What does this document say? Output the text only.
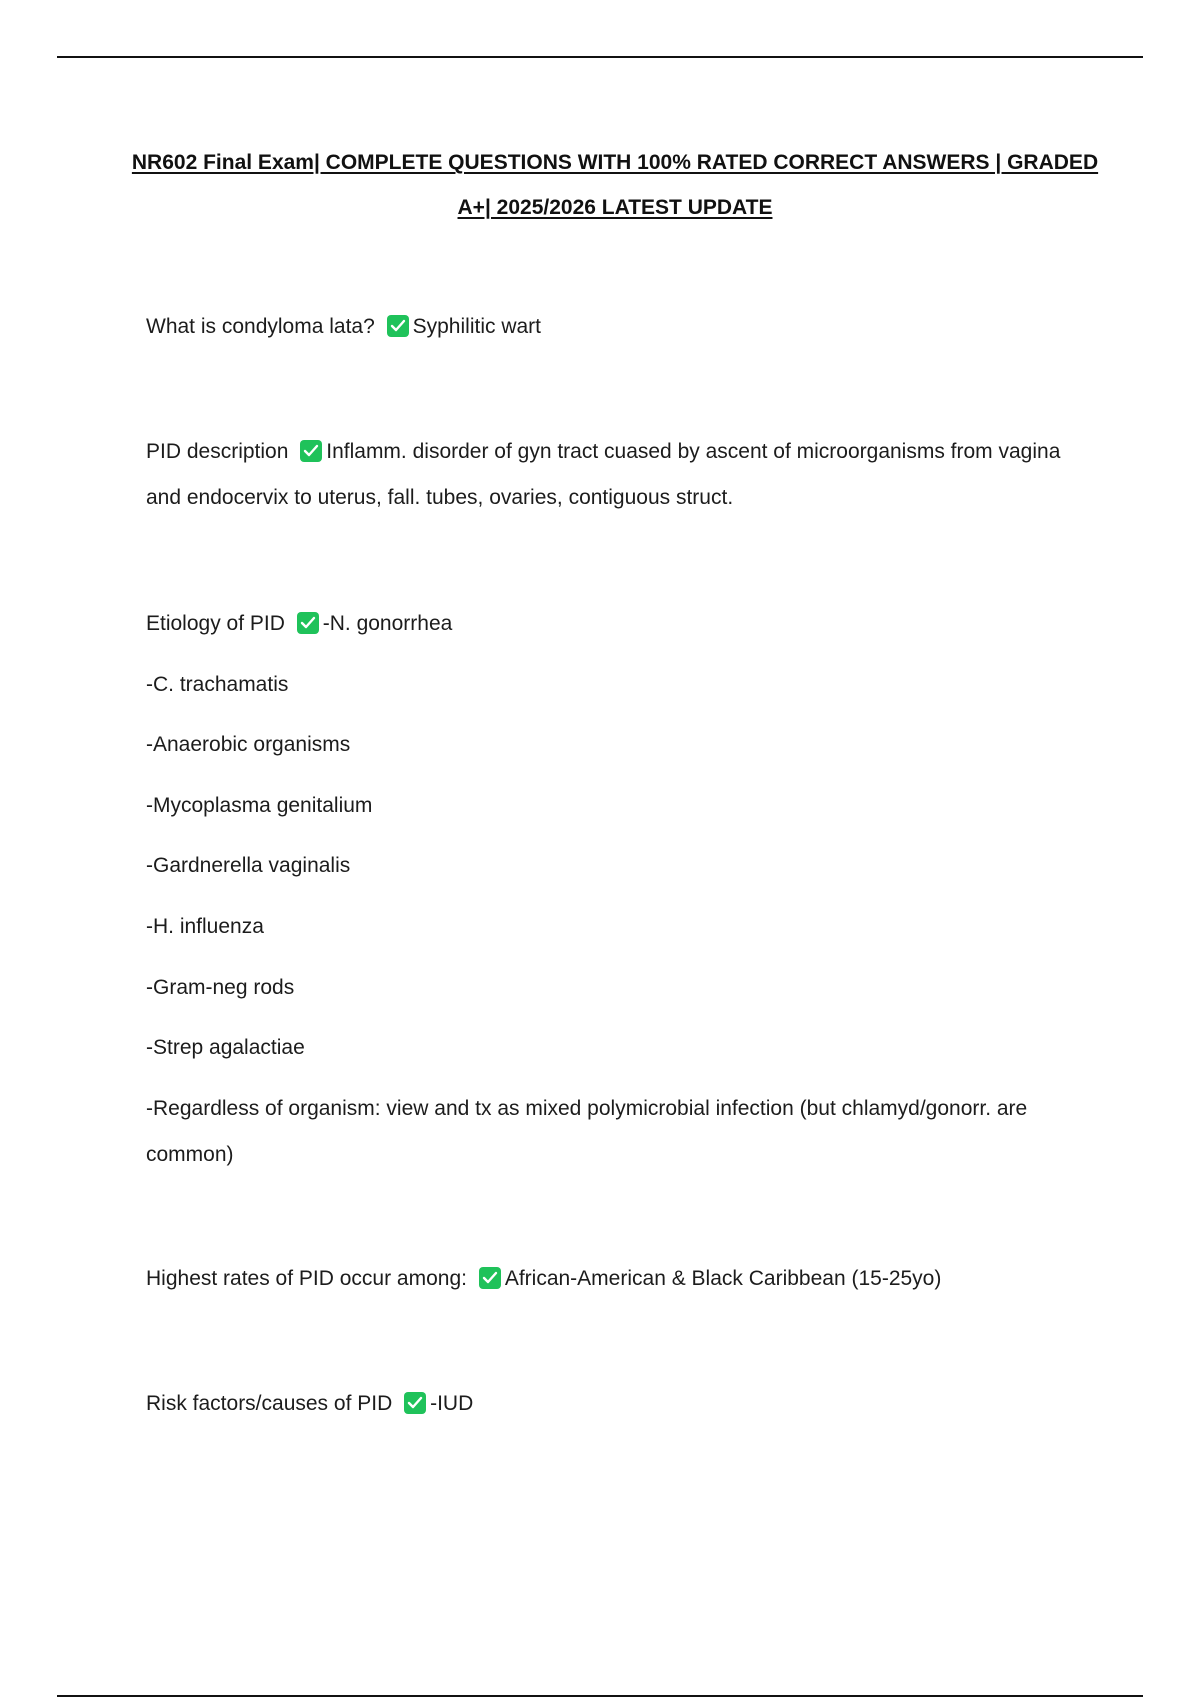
NR602 Final Exam| COMPLETE QUESTIONS WITH 100% RATED CORRECT ANSWERS | GRADED A+| 2025/2026 LATEST UPDATE
What is condyloma lata? Syphilitic wart
PID description Inflamm. disorder of gyn tract cuased by ascent of microorganisms from vagina and endocervix to uterus, fall. tubes, ovaries, contiguous struct.
Etiology of PID -N. gonorrhea
-C. trachamatis
-Anaerobic organisms
-Mycoplasma genitalium
-Gardnerella vaginalis
-H. influenza
-Gram-neg rods
-Strep agalactiae
-Regardless of organism: view and tx as mixed polymicrobial infection (but chlamyd/gonorr. are common)
Highest rates of PID occur among: African-American & Black Caribbean (15-25yo)
Risk factors/causes of PID -IUD
